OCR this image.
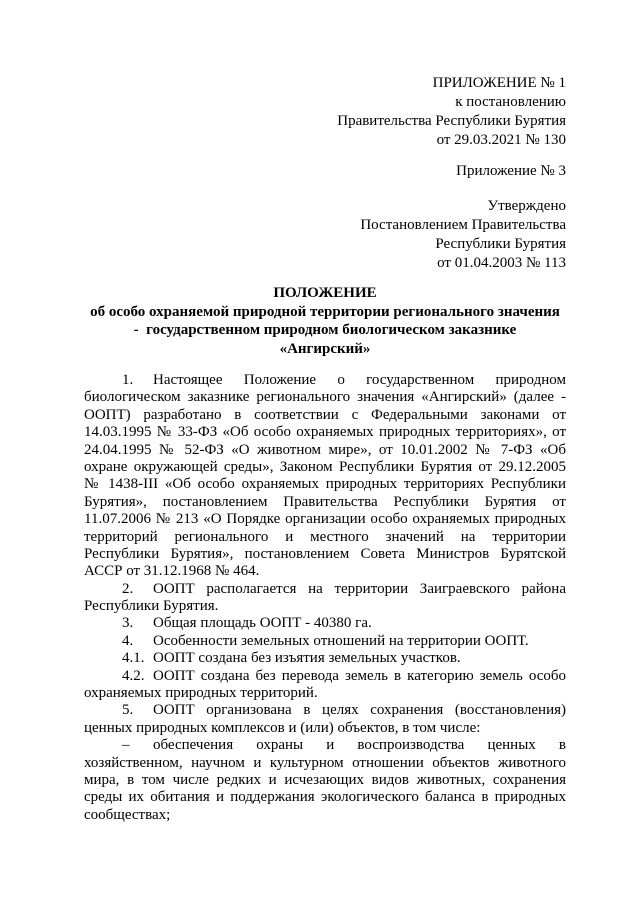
ПРИЛОЖЕНИЕ № 1
к постановлению
Правительства Республики Бурятия
от 29.03.2021 № 130
Приложение № 3
Утверждено
Постановлением Правительства
Республики Бурятия
от 01.04.2003 № 113
ПОЛОЖЕНИЕ
об особо охраняемой природной территории регионального значения
-  государственном природном биологическом заказнике
«Ангирский»
1.	Настоящее Положение о государственном природном
биологическом заказнике регионального значения «Ангирский» (далее -
ООПТ) разработано в соответствии с Федеральными законами от
14.03.1995 № 33-ФЗ «Об особо охраняемых природных территориях», от
24.04.1995 № 52-ФЗ «О животном мире», от 10.01.2002 № 7-ФЗ «Об
охране окружающей среды», Законом Республики Бурятия от 29.12.2005
№ 1438-III «Об особо охраняемых природных территориях Республики
Бурятия», постановлением Правительства Республики Бурятия от
11.07.2006 № 213 «О Порядке организации особо охраняемых природных
территорий регионального и местного значений на территории
Республики Бурятия», постановлением Совета Министров Бурятской
АССР от 31.12.1968 № 464.
2.	ООПТ располагается на территории Заиграевского района
Республики Бурятия.
3.	Общая площадь ООПТ - 40380 га.
4.	Особенности земельных отношений на территории ООПТ.
4.1. ООПТ создана без изъятия земельных участков.
4.2. ООПТ создана без перевода земель в категорию земель особо
охраняемых природных территорий.
5.	ООПТ организована в целях сохранения (восстановления)
ценных природных комплексов и (или) объектов, в том числе:
–	обеспечения охраны и воспроизводства ценных в
хозяйственном, научном и культурном отношении объектов животного
мира, в том числе редких и исчезающих видов животных, сохранения
среды их обитания и поддержания экологического баланса в природных
сообществах;
